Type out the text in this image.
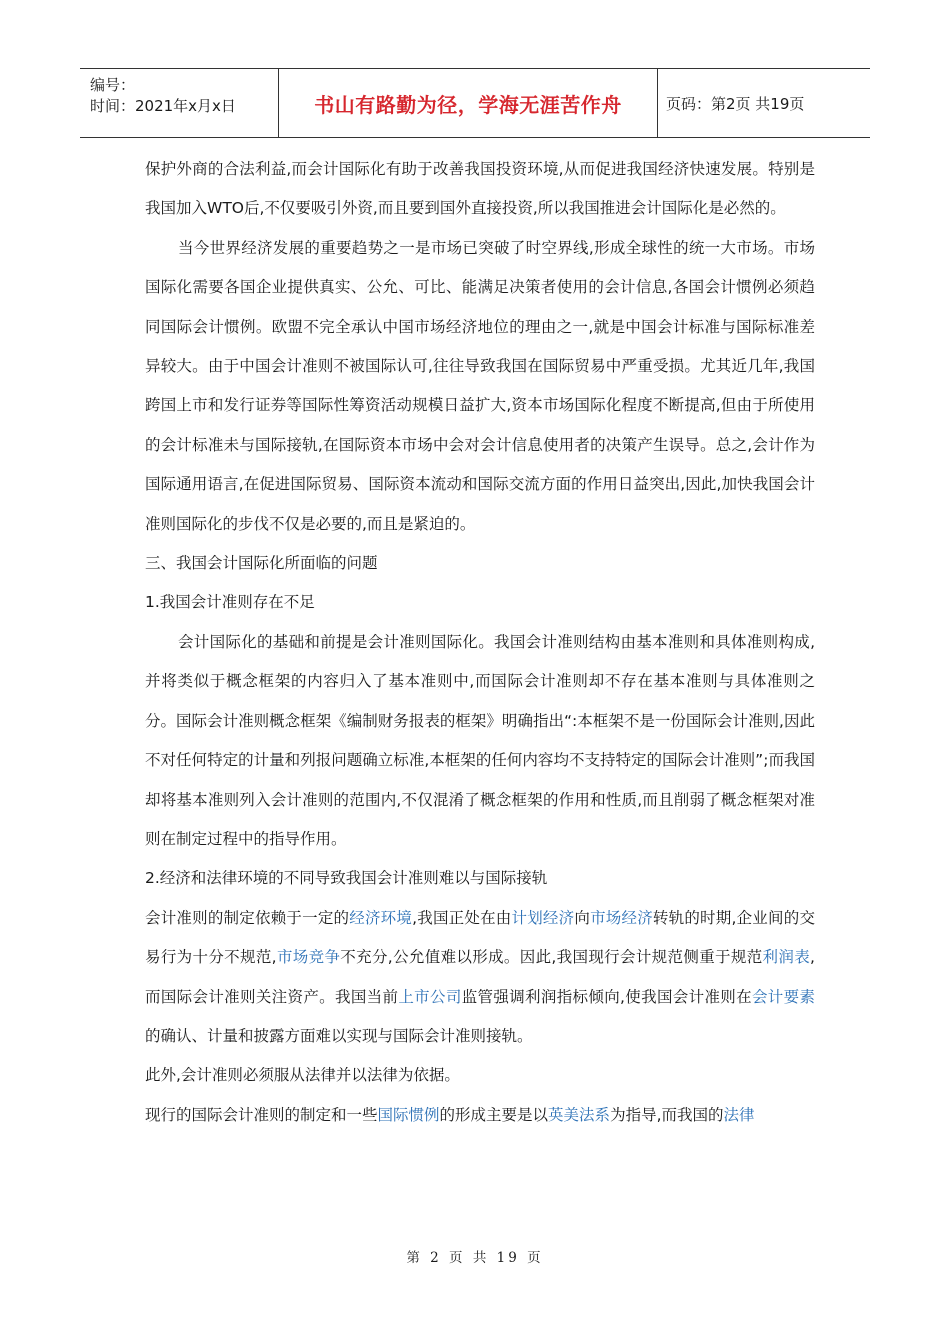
编号：
时间：2021年x月x日	书山有路勤为径，学海无涯苦作舟	页码：第2页 共19页

保护外商的合法利益,而会计国际化有助于改善我国投资环境,从而促进我国经济快速发展。特别是我国加入WTO后,不仅要吸引外资,而且要到国外直接投资,所以我国推进会计国际化是必然的。

当今世界经济发展的重要趋势之一是市场已突破了时空界线,形成全球性的统一大市场。市场国际化需要各国企业提供真实、公允、可比、能满足决策者使用的会计信息,各国会计惯例必须趋同国际会计惯例。欧盟不完全承认中国市场经济地位的理由之一,就是中国会计标准与国际标准差异较大。由于中国会计准则不被国际认可,往往导致我国在国际贸易中严重受损。尤其近几年,我国跨国上市和发行证券等国际性筹资活动规模日益扩大,资本市场国际化程度不断提高,但由于所使用的会计标准未与国际接轨,在国际资本市场中会对会计信息使用者的决策产生误导。总之,会计作为国际通用语言,在促进国际贸易、国际资本流动和国际交流方面的作用日益突出,因此,加快我国会计准则国际化的步伐不仅是必要的,而且是紧迫的。

三、我国会计国际化所面临的问题

1.我国会计准则存在不足

会计国际化的基础和前提是会计准则国际化。我国会计准则结构由基本准则和具体准则构成,并将类似于概念框架的内容归入了基本准则中,而国际会计准则却不存在基本准则与具体准则之分。国际会计准则概念框架《编制财务报表的框架》明确指出“:本框架不是一份国际会计准则,因此不对任何特定的计量和列报问题确立标准,本框架的任何内容均不支持特定的国际会计准则”;而我国却将基本准则列入会计准则的范围内,不仅混淆了概念框架的作用和性质,而且削弱了概念框架对准则在制定过程中的指导作用。

2.经济和法律环境的不同导致我国会计准则难以与国际接轨

会计准则的制定依赖于一定的经济环境,我国正处在由计划经济向市场经济转轨的时期,企业间的交易行为十分不规范,市场竞争不充分,公允值难以形成。因此,我国现行会计规范侧重于规范利润表,而国际会计准则关注资产。我国当前上市公司监管强调利润指标倾向,使我国会计准则在会计要素的确认、计量和披露方面难以实现与国际会计准则接轨。

此外,会计准则必须服从法律并以法律为依据。

现行的国际会计准则的制定和一些国际惯例的形成主要是以英美法系为指导,而我国的法律

第 2 页 共 19 页
